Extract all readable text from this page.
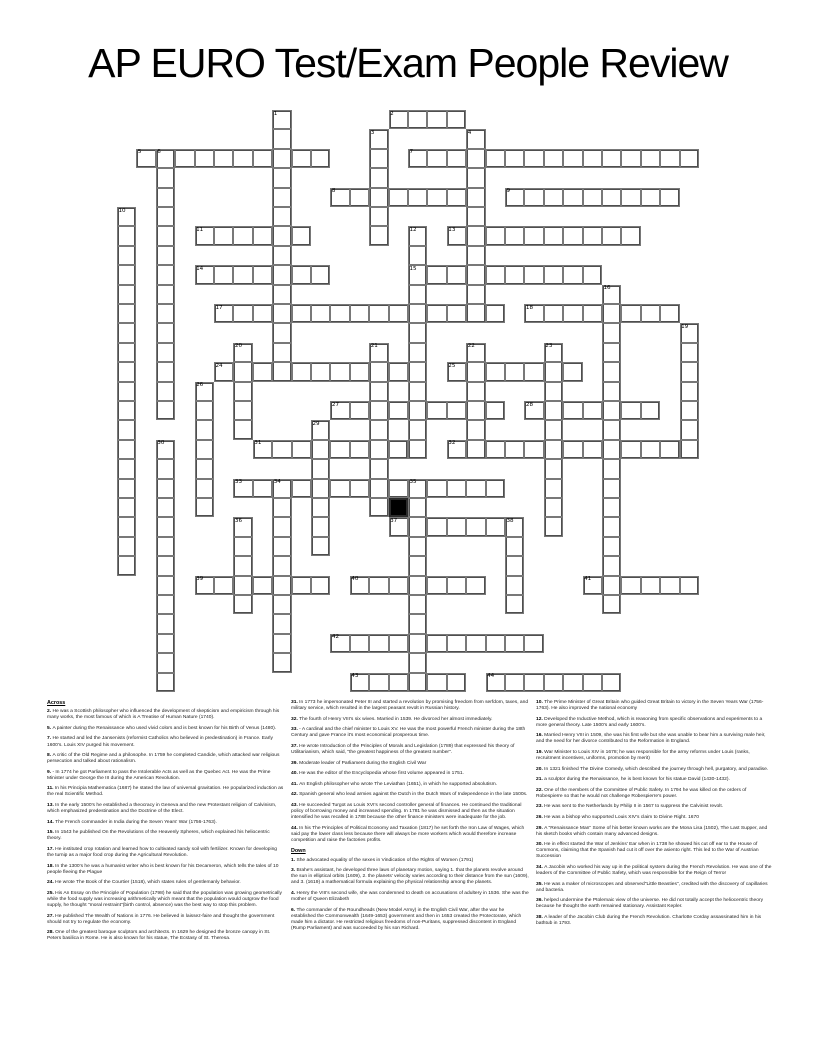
AP EURO Test/Exam People Review
2
5	7
8	9
11	13
14	15
17	18
24	25
27	28
31	32
33
37
39	40	41
42
43	44
1
3	4
6
10
12
16
19
20	21	22	23
26
29
30
34	35
36	38
Across
2. He was a Scottish philosopher who influenced the development of skepticism and empiricism through his many works, the most famous of which is A Treatise of Human Nature (1740).
5. A painter during the Renaissance who used vivid colors and is best known for his Birth of Venus (1480).
7. He started and led the Jansenists (reformist Catholics who believed in predestination) in France. Early 1600's. Louis XIV purged his movement.
8. A critic of the Old Regime and a philosophe. In 1759 he completed Candide, which attacked war religious persecution and talked about rationalism.
9. - In 1774 he got Parliament to pass the Intolerable Acts as well as the Quebec Act. He was the Prime Minister under George the III during the American Revolution.
11. In his Principia Mathematica (1687) he stated the law of universal gravitation. He popularized induction as the real Scientific Method.
13. In the early 1500's he established a theocracy in Geneva and the new Protestant religion of Calvinism, which emphasized predestination and the Doctrine of the Elect.
14. The French commander in India during the Seven Years' War (1756-1763).
15. In 1543 he published On the Revolutions of the Heavenly Spheres, which explained his heliocentric theory.
17. He instituted crop rotation and learned how to cultivated sandy soil with fertilizer. Known for developing the turnip as a major food crop during the Agricultural Revolution.
18. In the 1300's he was a humanist writer who is best known for his Decameron, which tells the tales of 10 people fleeing the Plague
24. He wrote The Book of the Courtier (1518), which states rules of gentlemanly behavior.
25. His An Essay on the Principle of Population (1798) he said that the population was growing geometrically while the food supply was increasing arithmetically which meant that the population would outgrow the food supply, he thought "moral restraint"(birth control, absence) was the best way to stop this problem.
27. He published The Wealth of Nations in 1776. He believed in laissez-faire and thought the government should not try to regulate the economy.
28. One of the greatest baroque sculptors and architects. In 1629 he designed the bronze canopy in St. Peters basilica in Rome. He is also known for his statue, The Ecstasy of St. Theresa.
31. In 1773 he impersonated Peter III and started a revolution by promising freedom from serfdom, taxes, and military service, which resulted in the largest peasant revolt in Russian history.
32. The fourth of Henry VIII's six wives. Married in 1539. He divorced her almost immediately.
33. - A cardinal and the chief minister to Louis XV. He was the most powerful French minister during the 18th Century and gave France it's most economical prosperous time.
37. He wrote Introduction of the Principles of Morals and Legislation (1789) that expressed his theory of Utilitarianism, which said, "the greatest happiness of the greatest number".
39. Moderate leader of Parliament during the English Civil War
40. He was the editor of the Encyclopedia whose first volume appeared in 1751.
41. An English philosopher who wrote The Leviathan (1651), in which he supported absolutism.
42. Spanish general who lead armies against the Dutch in the Dutch Wars of Independence in the late 1500s.
43. He succeeded Turgot as Louis XVI's second controller general of finances. He continued the traditional policy of borrowing money and increased spending. In 1781 he was dismissed and then as the situation intensified he was recalled in 1788 because the other finance ministers were inadequate for the job.
44. In his The Principles of Political Economy and Taxation (1817) he set forth the Iron Law of Wages, which said pay the lower class less because there will always be more workers which would therefore increase competition and raise the factories profits.
Down
1. She advocated equality of the sexes in Vindication of the Rights of Women (1791)
3. Brahe's assistant, he developed three laws of planetary motion, saying 1. that the planets revolve around the sun in elliptical orbits (1609), 2. the planets' velocity varies according to their distance from the sun (1609), and 3. (1619) a mathematical formula explaining the physical relationship among the planets.
4. Henry the VIII's second wife, she was condemned to death on accusations of adultery in 1536. She was the mother of Queen Elizabeth
6. The commander of the Roundheads (New Model Army) in the English Civil War, after the war he established the Commonwealth (1649-1653) government and then in 1653 created the Protectorate, which made him a dictator. He restricted religious freedoms of non-Puritans, suppressed discontent in England (Rump Parliament) and was succeeded by his son Richard.
10. The Prime Minister of Great Britain who guided Great Britain to victory in the Seven Years War (1756-1763). He also improved the national economy
12. Developed the Inductive Method, which is reasoning from specific observations and experiments to a more general theory. Late 1500's and early 1600's.
16. Married Henry VIII in 1509, she was his first wife but she was unable to bear him a surviving male heir, and the need for her divorce contributed to the Reformation in England.
19. War Minister to Louis XIV in 1678; he was responsible for the army reforms under Louis (ranks, recruitment incentives, uniforms, promotion by merit)
20. In 1321 finished The Divine Comedy, which described the journey through hell, purgatory, and paradise.
21. a sculptor during the Renaissance, he is best known for his statue David (1430-1432).
22. One of the members of the Committee of Public Safety. In 1794 he was killed on the orders of Robespierre so that he would not challenge Robespierre's power.
23. He was sent to the Netherlands by Philip II in 1567 to suppress the Calvinist revolt.
26. He was a bishop who supported Louis XIV's claim to Divine Right. 1670
29. A "Renaissance Man" Some of his better known works are the Mona Lisa (1502), The Last Supper, and his sketch books which contain many advanced designs.
30. He in effect started the War of Jenkins' Ear when in 1738 he showed his cut off ear to the House of Commons, claiming that the Spanish had cut it off over the asiento right. This led to the War of Austrian Succession
34. A Jacobin who worked his way up in the political system during the French Revolution. He was one of the leaders of the Committee of Public Safety, which was responsible for the Reign of Terror
35. He was a maker of microscopes and observed"Little Beasties", credited with the discovery of capillaries and bacteria.
36. helped undermine the Ptolemaic view of the universe. He did not totally accept the heliocentric theory because he thought the earth remained stationary. Assistant Kepler.
38. A leader of the Jacobin Club during the French Revolution. Charlotte Corday assassinated him in his bathtub in 1793.
